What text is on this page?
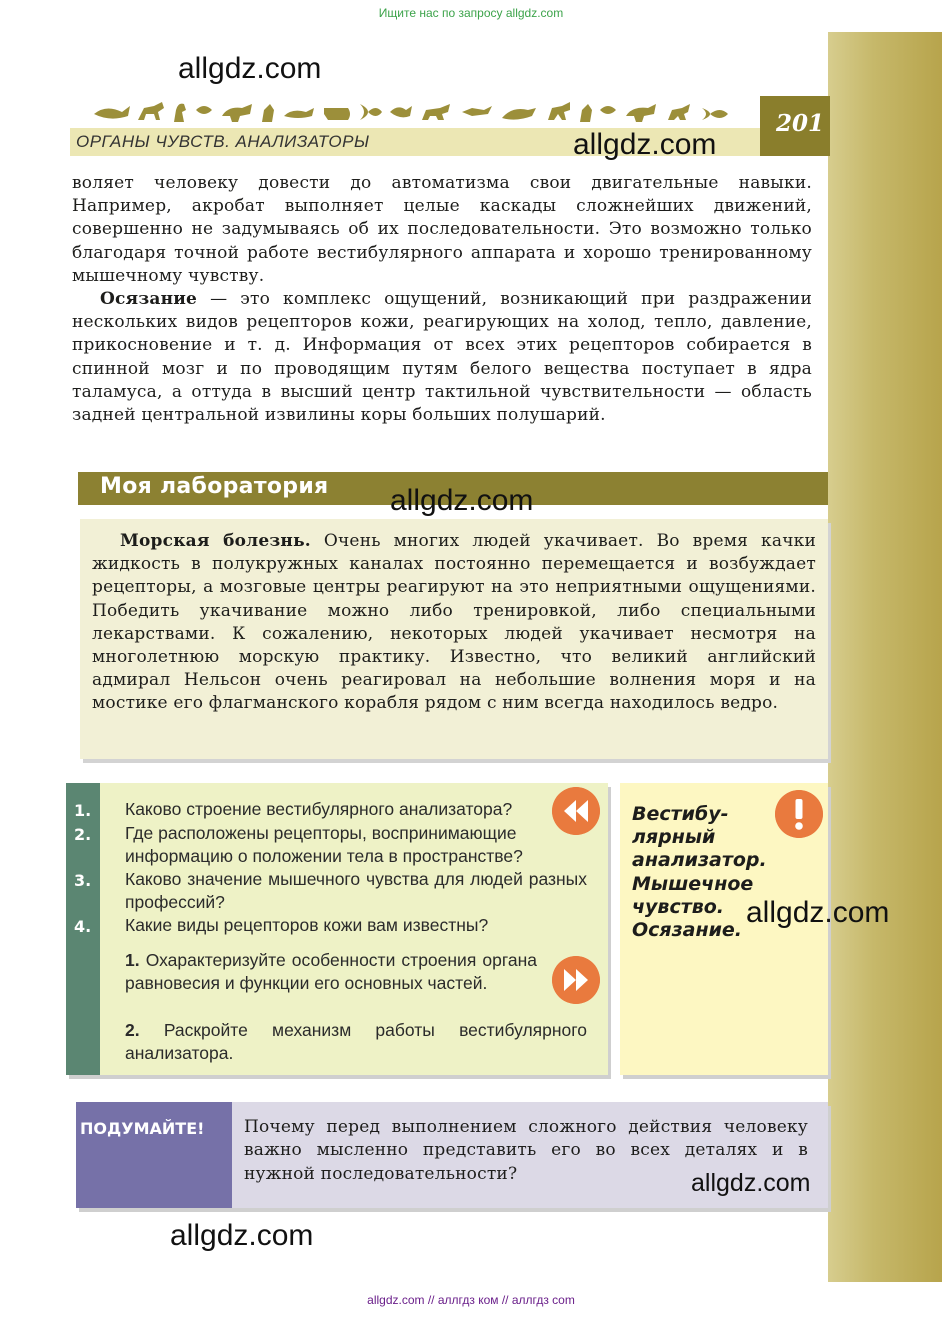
Ищите нас по запросу allgdz.com
ОРГАНЫ ЧУВСТВ. АНАЛИЗАТОРЫ
201
allgdz.com
allgdz.com

воляет человеку довести до автоматизма свои двигательные навыки. Например, акробат выполняет целые каскады сложнейших движений, совершенно не задумываясь об их последовательности. Это возможно только благодаря точной работе вестибулярного аппарата и хорошо тренированному мышечному чувству.

Осязание — это комплекс ощущений, возникающий при раздражении нескольких видов рецепторов кожи, реагирующих на холод, тепло, давление, прикосновение и т. д. Информация от всех этих рецепторов собирается в спинной мозг и по проводящим путям белого вещества поступает в ядра таламуса, а оттуда в высший центр тактильной чувствительности — область задней центральной извилины коры больших полушарий.

Моя лаборатория allgdz.com
Морская болезнь. Очень многих людей укачивает. Во время качки жидкость в полукружных каналах постоянно перемещается и возбуждает рецепторы, а мозговые центры реагируют на это неприятными ощущениями. Победить укачивание можно либо тренировкой, либо специальными лекарствами. К сожалению, некоторых людей укачивает несмотря на многолетнюю морскую практику. Известно, что великий английский адмирал Нельсон очень реагировал на небольшие волнения моря и на мостике его флагманского корабля рядом с ним всегда находилось ведро.
1. Каково строение вестибулярного анализатора?
2. Где расположены рецепторы, воспринимающие информацию о положении тела в пространстве?
3. Каково значение мышечного чувства для людей разных профессий?
4. Какие виды рецепторов кожи вам известны?
1. Охарактеризуйте особенности строения органа равновесия и функции его основных частей.
2. Раскройте механизм работы вестибулярного анализатора.
Вестибу-
лярный
анализатор.
Мышечное
чувство.
Осязание.
allgdz.com
ПОДУМАЙТЕ! Почему перед выполнением сложного действия человеку важно мысленно представить его во всех деталях и в нужной последовательности?	allgdz.com
allgdz.com
allgdz.com // аллгдз ком // аллгдз com
